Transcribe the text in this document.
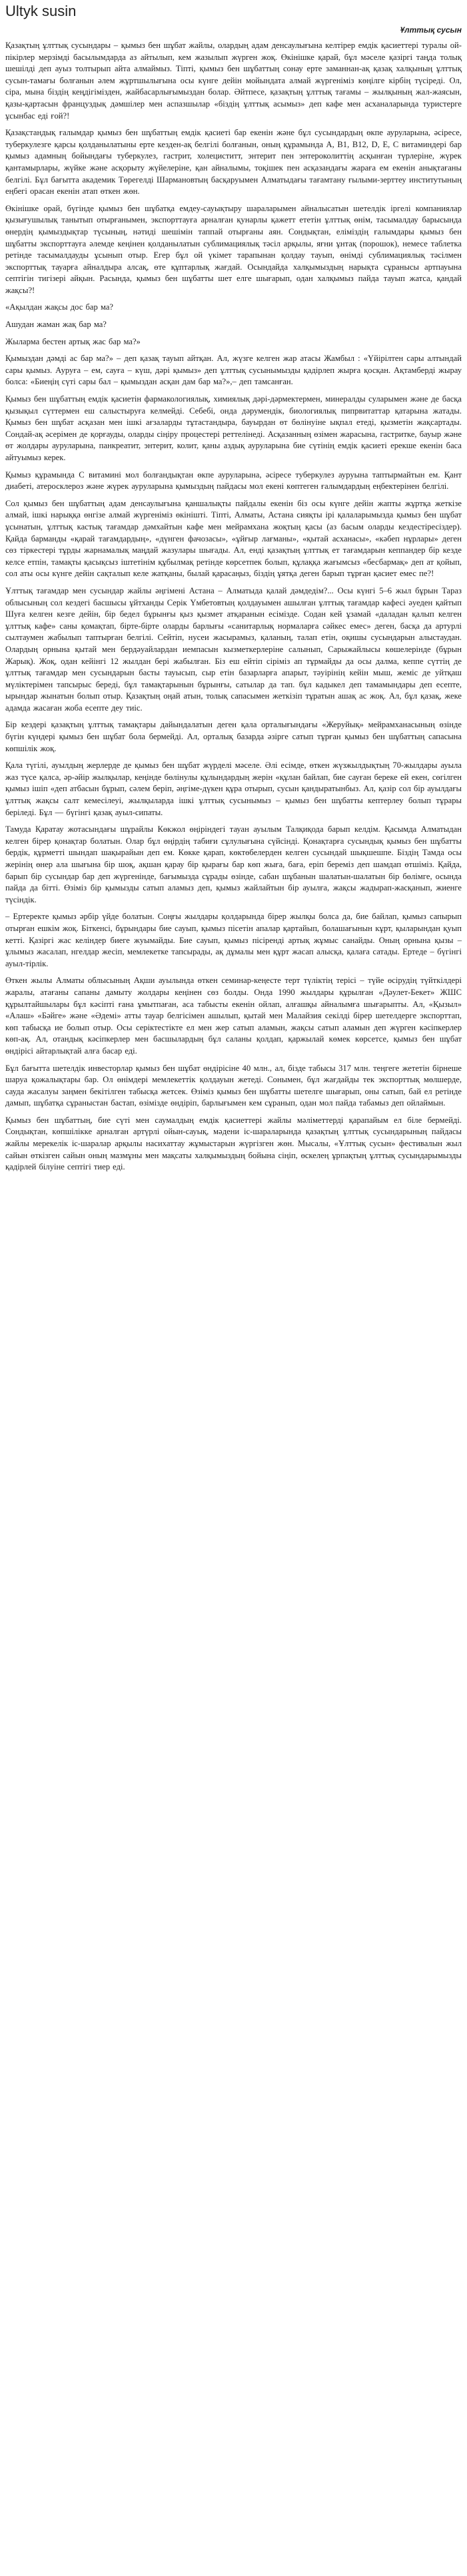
Ultyk susin
Ұлттық сусын

Қазақтың ұлттық сусындары – қымыз бен шұбат жайлы, олардың адам денсаулығына келтірер емдік қасиеттері туралы ой-пікірлер мерзімді басылымдарда аз айтылып, кем жазылып жүрген жоқ. Өкінішке қарай, бұл мәселе қазіргі таңда толық шешілді деп ауыз толтырып айта алмаймыз. Тіпті, қымыз бен шұбаттың сонау ерте заманнан-ақ қазақ халқының ұлттық сусын-тамағы болғанын әлем жұртшылығына осы күнге дейін мойындата алмай жүргеніміз көңілге кірбің түсіреді. Ол, сіра, мына біздің кеңдігімізден, жайбасарлығымыздан болар. Әйтпесе, қазақтың ұлттық тағамы – жылқының жал-жаясын, қазы-қартасын француздық дәмшілер мен аспазшылар «біздің ұлттық асымыз» деп кафе мен асханаларында туристерге ұсынбас еді ғой?!

Қазақстандық ғалымдар қымыз бен шұбаттың емдік қасиеті бар екенін және бұл сусындардың өкпе ауруларына, әсіресе, туберкулезге қарсы қолданылатыны ерте кезден-ақ белгілі болғанын, оның құрамында А, В1, В12, D, Е, С витаминдері бар қымыз адамның бойындағы туберкулез, гастрит, холециститт, энтерит пен энтероколиттің асқынған түрлеріне, жүрек қантамырлары, жүйке және асқорыту жүйелеріне, қан айналымы, тоқішек пен асқазандағы жараға ем екенін анықтағаны белгілі. Бұл бағытта академик Төрегелді Шармановтың басқаруымен Алматыдағы тағамтану ғылыми-зерттеу институтының еңбегі орасан екенін атап өткен жөн.

Өкінішке орай, бүгінде қымыз бен шұбатқа емдеу-сауықтыру шараларымен айналысатын шетелдік іргелі компаниялар қызығушылық танытып отырғанымен, экспорттауға арналған қунарлы қажетт ететін ұлттық өнім, тасымалдау барысында өнердің қымыздықтар түсының, нәтиді шешімін таппай отырғаны аян. Сондықтан, еліміздің ғалымдары қымыз бен шұбатты экспорттауға әлемде кеңінен қолданылатын сублимациялық тәсіл арқылы, яғни ұнтақ (порошок), немесе таблетка ретінде тасымалдауды ұсынып отыр. Егер бұл ой үкімет тарапынан қолдау тауып, өнімді сублимациялық тәсілмен экспорттық тауарға айналдыра алсақ, өте құптарлық жағдай. Осындайда халқымыздың нарықта сұранысы артпауына септігін тигізері айқын. Расында, қымыз бен шұбатты шет елге шығарып, одан халқымыз пайда тауып жатса, қандай жақсы?!

«Ақылдан жақсы дос бар ма?

Ашудан жаман жақ бар ма?

Жыларма бестен артық жас бар ма?»

Қымыздан дәмді ас бар ма?» – деп қазақ тауып айтқан. Ал, жүзге келген жар атасы Жамбыл : «Үйірілтен сары алтындай сары қымыз. Ауруға – ем, сауға – күш, дәрі қымыз» деп ұлттық сусынымызды қадірлеп жырға қосқан. Ақтамберді жырау болса: «Биеңің сүті сары бал – қымыздан асқан дам бар ма?»,– деп тамсанған.

Қымыз бен шұбаттың емдік қасиетін фармакологиялық, химиялық дәрі-дәрмектермен, минералды суларымен және де басқа қызықыл сүттермен еш салыстыруға келмейді. Себебі, онда дәрумендік, биологиялық пипрвитаттар қатарына жатады. Қымыз бен шұбат асқазан мен ішкі ағзаларды тұтастандыра, бауырдан өт бөлінуіне ықпал етеді, қызметін жақсартады. Сондай-ақ әсерімен де қорғауды, оларды сіңіру процестері реттелінеді. Асқазанның өзімен жарасына, гастритке, бауыр және өт жолдары ауруларына, панкреатит, энтерит, колит, қаны аздық ауруларына бие сүтінің емдік қасиеті ерекше екенін баса айтуымыз керек.

Қымыз құрамында С витамині мол болғандықтан өкпе ауруларына, әсіресе туберкулез ауруына таптырмайтын ем. Қант диабеті, атеросклероз және жүрек ауруларына қымыздың пайдасы мол екені көптеген ғалымдардың еңбектерінен белгілі.

Сол қымыз бен шұбаттың адам денсаулығына қаншалықты пайдалы екенін біз осы күнге дейін жапты жұртқа жеткізе алмай, ішкі нарыққа өнгізе алмай жүргеніміз өкінішті. Тіпті, Алматы, Астана сияқты ірі қалаларымызда қымыз бен шұбат ұсынатын, ұлттық кастық тағамдар дәмхайтын кафе мен мейрамхана жоқтың қасы (аз басым оларды кездестіресіздер). Қайда барманды «қарай тағамдардың», «дүнген фачозасы», «ұйғыр лағманы», «қытай асханасы», «кәбеп нұрлары» деген сөз тіркестері тұрды жарнамалық маңдай жазулары шығады. Ал, енді қазақтың ұлттық ет тағамдарын кеппандер бір кезде келсе етпін, тамақты қасықсыз іштетінім құбылмақ ретінде көрсетпек болып, құлаққа жағымсыз «бесбармақ» деп ат қойып, сол аты осы күнге дейін сақталып келе жатқаны, былай қарасаңыз, біздің ұятқа деген барып тұрған қасиет емес пе?!

Ұлттық тағамдар мен сусындар жайлы әңгімені Астана – Алматыда қалай дәмдедім?... Осы күнгі 5–6 жыл бұрын Тараз облысының сол кездегі басшысы ұйтханды Серік Үмбетовтың қолдауымен ашылған ұлттық тағамдар кафесі әуеден қайтып Шуға келген кезге дейін, бір бедел бұрынғы қыз қызмет атқаранын есімізде. Содан кей ұзамай «даладан қалып келген ұлттық кафе» саны қомақтап, бірте-бірте оларды барлығы «санитарлық нормаларға сәйкес емес» деген, басқа да артурлі сылтаумен жабылып таптырған белгілі. Сейтіп, нусеи жасырамыз, қаланың, талап етін, оқишы сусындарын алыстаудан. Олардың орнына қытай мен бердәуайлардан иемпасын кызметкерлеріне салынып, Сарыжайлысы көшелерінде (бұрын Жарық). Жоқ, одан кейінгі 12 жылдан бері жабылған. Біз еш ейтіп сіріміз ап тұрмайды да осы далма, кеппе сүттің де ұлттық тағамдар мен сусындарын басты тауысып, сыр етін базарларға апарыт, тәуірінің кейін мыш, жеміс де уйтқаш мүліктерімен тапсырыс береді, бұл тамақтарынын бұрынғы, сатылар да тап. бұл кадыкел деп тамамындары деп есепте, ырындар жынатын болып отыр. Қазақтың оңай атын, толық сапасымен жеткізіп тұратын ашақ ас жоқ. Ал, бұл қазақ, жеке адамда жасаған жоба есепте деу тиіс.

Бір кездері қазақтың ұлттық тамақтары дайындалатын деген қала орталығындағы «Жеруйық» мейрамханасының өзінде бүгін күндері қымыз бен шұбат бола бермейді. Ал, орталық базарда әзірге сатып тұрған қымыз бен шұбаттың сапасына көпшілік жоқ.

Қала түгілі, ауылдың жерлерде де қымыз бен шұбат жүрделі мәселе. Әлі есімде, өткен жүзжылдықтың 70-жылдары ауыла жаз түсе қалса, әр-әйір жылқылар, кеңінде бөлінулы құлындардың жерін «құлан байлап, бие сауған береке ей екен, сөгілген қымыз ішіп «деп атбасын бұрып, сәлем беріп, әңгіме-дүкен құра отырып, сусын қандыратынбыз. Ал, қазір сол бір ауылдағы ұлттық жақсы салт кемесілеуі, жылқыларда ішкі ұлттық сусынымыз – қымыз бен шұбатты кептерлеу болып тұрары беріледі. Бұл — бүгінгі қазақ ауыл-сипаты.

Тамуда Қаратау жотасындағы шұрайлы Көкжол өңіріндегі тауан ауылым Талқиқода барып келдім. Қасымда Алматыдан келген бірер қонақтар болатын. Олар бұл өңірдің табиғи сұлулығына сүйсінді. Қонақтарға сусындық қымыз бен шұбатты бердік, құрметті шындап шақырайын деп ем. Көкке қарап, көктөбелерден келген сусындай шықшешпе. Біздің Тамда осы жерінің өнер ала шығына бір шоқ, ақшан қарау бір қырағы бар көп жыға, баға, еріп береміз деп шамдап өтшіміз. Қайда, барып бір сусындар бар деп жүргенінде, бағымызда сұрады өзінде, сабан шұбанын шалатын-шалатын бір бөлімге, осында пайда да бітті. Өзіміз бір қымызды сатып аламыз деп, қымыз жайлайтын бір ауылға, жақсы жадырап-жасқанып, жиенге түсіндік.

– Ертеректе қымыз әрбір үйде болатын. Соңғы жылдары қолдарында бірер жылқы болса да, бие байлап, қымыз сапырып отырған ешкім жоқ. Біткенсі, бұрындары бие сауып, қымыз пісетін апалар қартайып, болашағынын кұрт, қыларындан қуып кетті. Қазіргі жас келіндер биеге жуымайды. Бие сауып, қымыз пісіренді артық жұмыс санайды. Оның орнына қызы – ұлымыз жасалап, нгелдар жесіп, мемлекетке тапсырады, ақ дұмалы мен құрт жасап алысқа, қалаға сатады. Ертеде – бүгінгі ауыл-тірлік.

Өткен жылы Алматы облысының Ақши ауылында өткен семинар-кеңесте терт түліктің терісі – түйе өсірудің түйткілдері жаралы, атағаны сапаны дамыту жолдары кеңінен сөз болды. Онда 1990 жылдары құрылған «Дәулет-Бекет» ЖШС құрылтайшылары бұл кәсіпті ғана ұмытпаған, аса табысты екенін ойлап, алғашқы айналымға шығарыпты. Ал, «Қызыл» «Алаш» «Бәйге» және «Әдемі» атты тауар белгісімен ашылып, қытай мен Малайзия секілді бірер шетелдерге экспорттап, көп табысқа ие болып отыр. Осы серіктестікте ел мен жер сатып аламын, жақсы сатып аламын деп жүрген кәсіпкерлер көп-ақ. Ал, отандық кәсіпкерлер мен басшылардың бұл саланы қолдап, қаржылай көмек көрсетсе, қымыз бен шұбат өндірісі айтарлықтай алға басар еді.

Бұл бағытта шетелдік инвесторлар қымыз бен шұбат өндірісіне 40 млн., ал, бізде табысы 317 млн. теңгеге жететін бірнеше шаруа қожалықтары бар. Ол өнімдері мемлекеттік қолдауын жетеді. Сонымен, бұл жағдайды тек экспорттық мөлшерде, сауда жасалуы заңмен бекітілген табысқа жетсек. Өзіміз қымыз бен шұбатты шетелге шығарып, оны сатып, бай ел ретінде дамып, шұбатқа сұраныстан бастап, өзімізде өндіріп, барлығымен кем сұранып, одан мол пайда табамыз деп ойлаймын.

Қымыз бен шұбаттың, бие сүті мен саумалдың емдік қасиеттері жайлы мәліметтерді қарапайым ел біле бермейді. Сондықтан, көпшілікке арналған артүрлі ойын-сауық, мәдени іс-шараларында қазақтың ұлттық сусындарының пайдасы жайлы мерекелік іс-шаралар арқылы насихаттау жұмыстарын жүргізген жөн. Мысалы, «Ұлттық сусын» фестивалын жыл сайын өткізген сайын оның мазмұны мен мақсаты халқымыздың бойына сіңіп, өскелең ұрпақтың ұлттық сусындарымызды қадірлей білуіне септігі тиер еді.
